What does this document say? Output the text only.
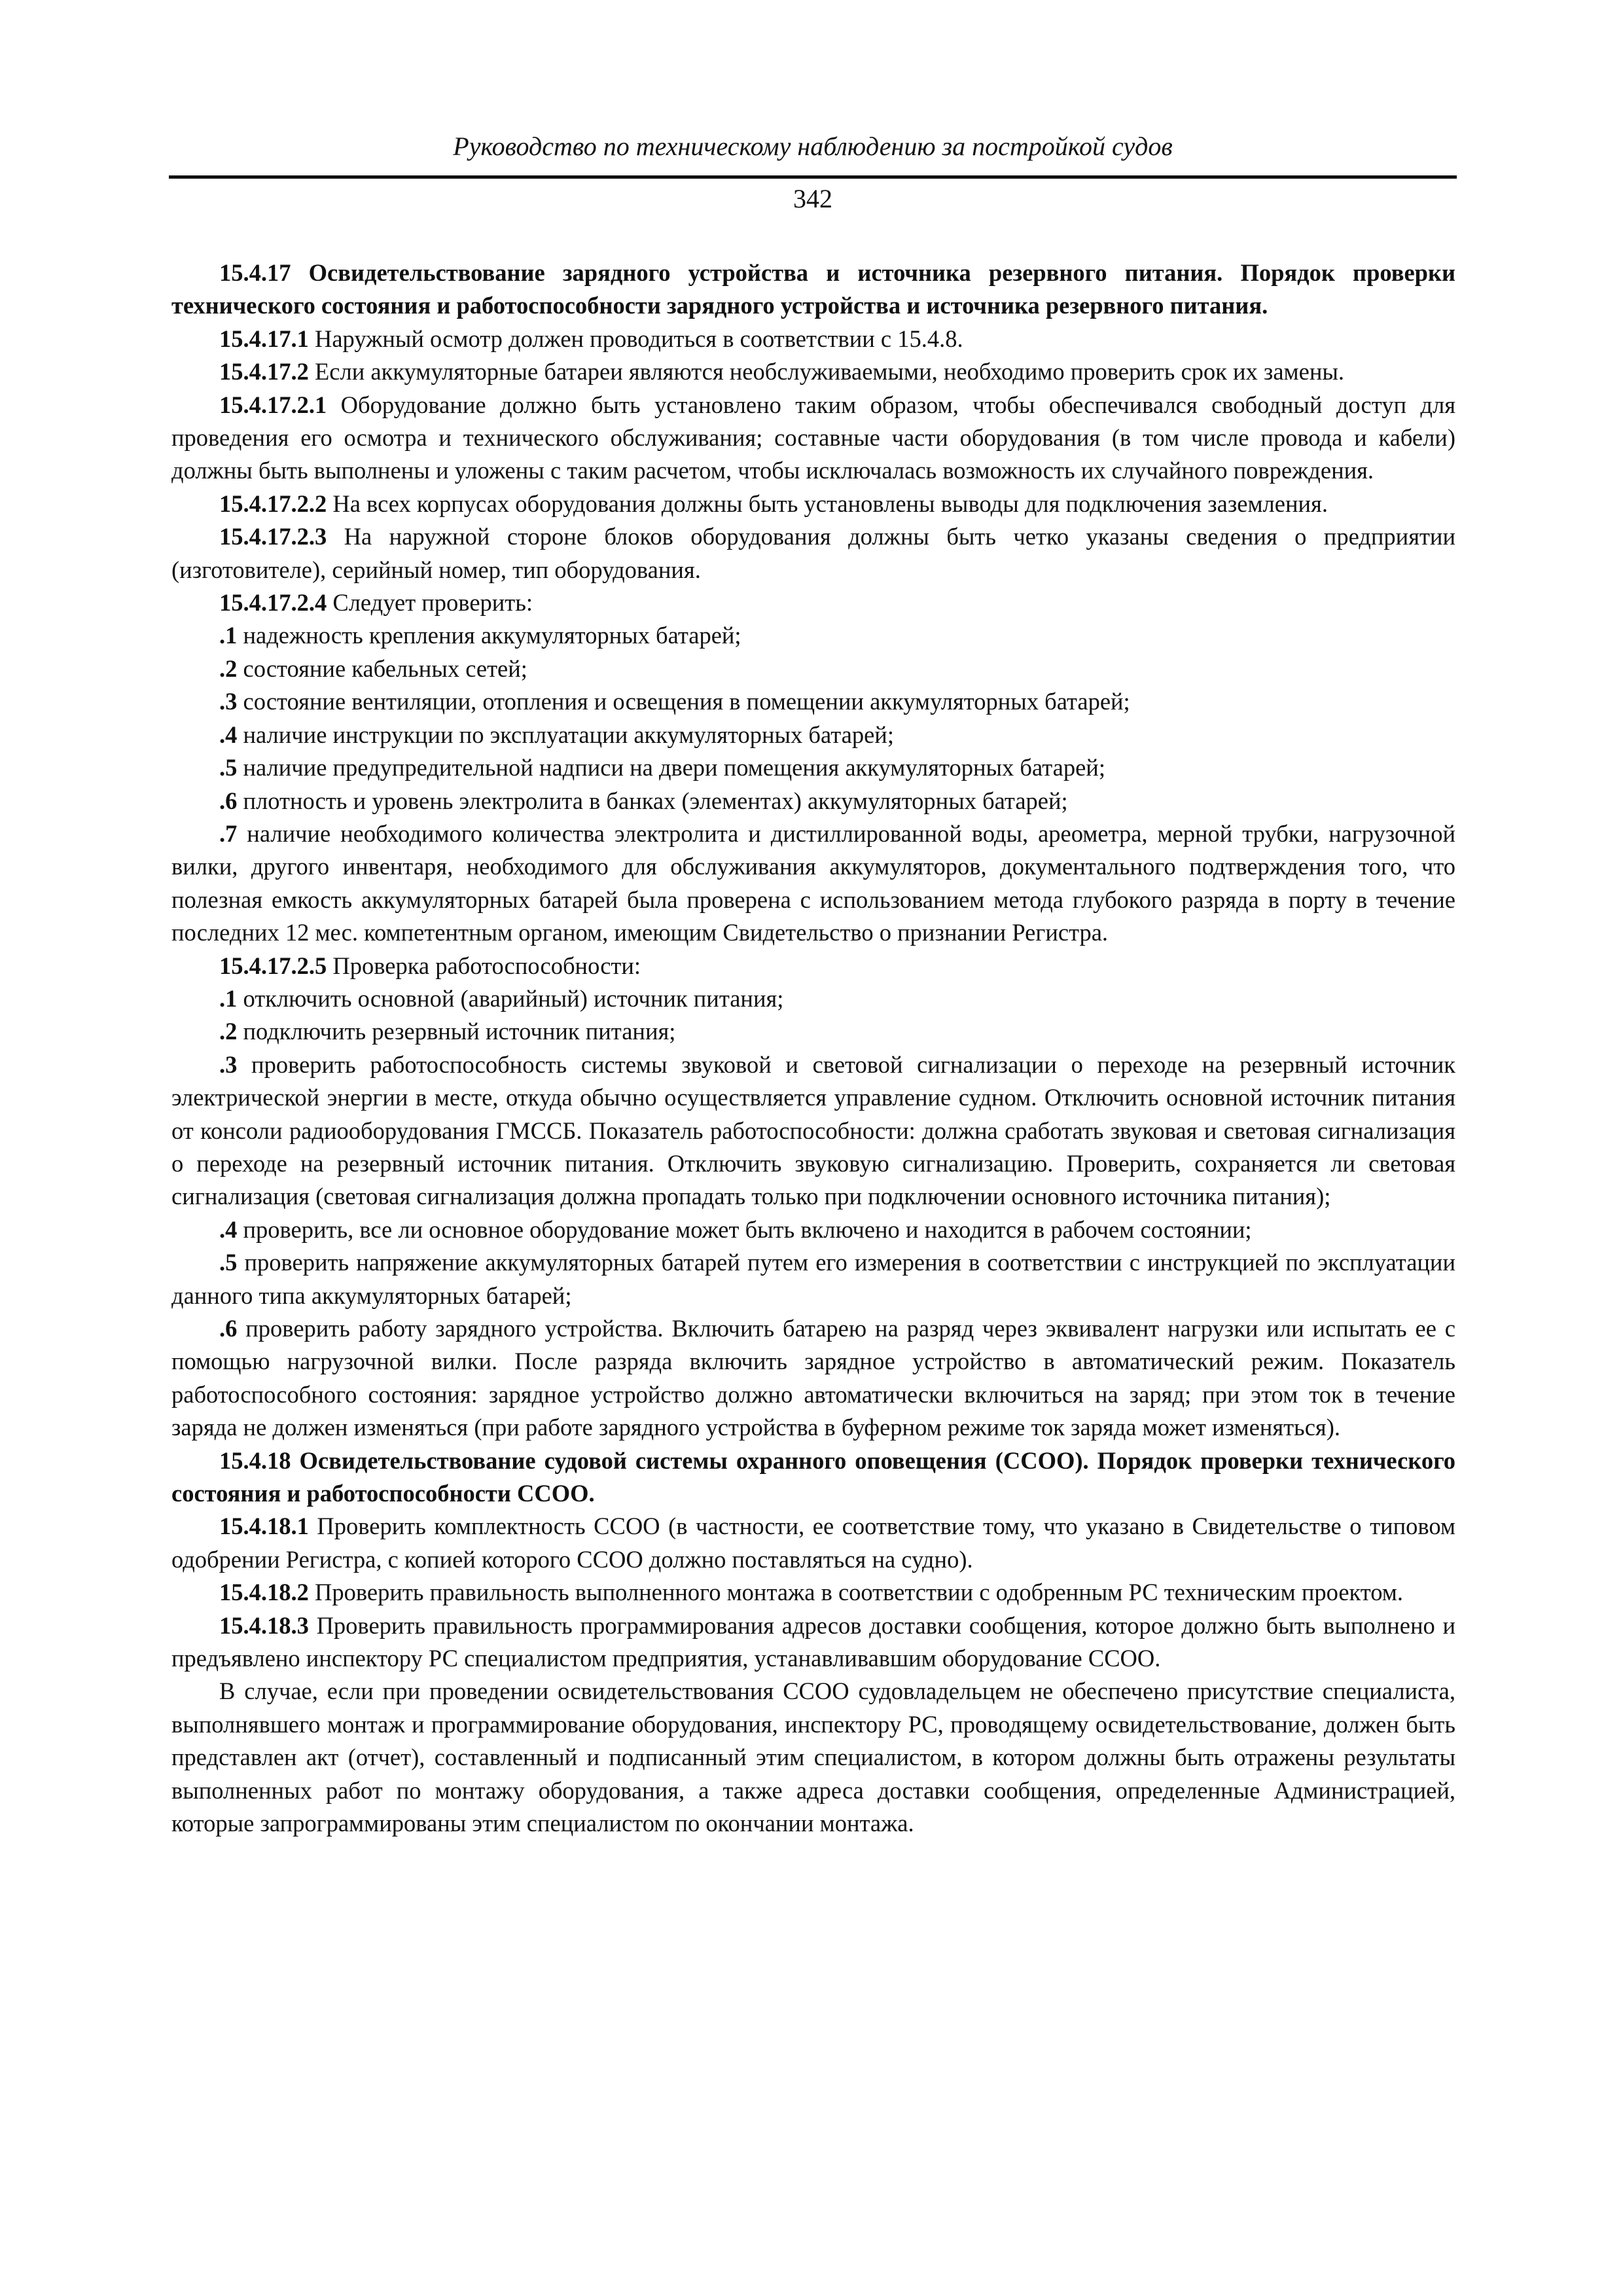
Руководство по техническому наблюдению за постройкой судов
342

15.4.17 Освидетельствование зарядного устройства и источника резервного питания. Порядок проверки технического состояния и работоспособности зарядного устройства и источника резервного питания.

15.4.17.1 Наружный осмотр должен проводиться в соответствии с 15.4.8.

15.4.17.2 Если аккумуляторные батареи являются необслуживаемыми, необходимо проверить срок их замены.

15.4.17.2.1 Оборудование должно быть установлено таким образом, чтобы обеспечивался свободный доступ для проведения его осмотра и технического обслуживания; составные части оборудования (в том числе провода и кабели) должны быть выполнены и уложены с таким расчетом, чтобы исключалась возможность их случайного повреждения.

15.4.17.2.2 На всех корпусах оборудования должны быть установлены выводы для подключения заземления.

15.4.17.2.3 На наружной стороне блоков оборудования должны быть четко указаны сведения о предприятии (изготовителе), серийный номер, тип оборудования.

15.4.17.2.4 Следует проверить:

.1 надежность крепления аккумуляторных батарей;

.2 состояние кабельных сетей;

.3 состояние вентиляции, отопления и освещения в помещении аккумуляторных батарей;

.4 наличие инструкции по эксплуатации аккумуляторных батарей;

.5 наличие предупредительной надписи на двери помещения аккумуляторных батарей;

.6 плотность и уровень электролита в банках (элементах) аккумуляторных батарей;

.7 наличие необходимого количества электролита и дистиллированной воды, ареометра, мерной трубки, нагрузочной вилки, другого инвентаря, необходимого для обслуживания аккумуляторов, документального подтверждения того, что полезная емкость аккумуляторных батарей была проверена с использованием метода глубокого разряда в порту в течение последних 12 мес. компетентным органом, имеющим Свидетельство о признании Регистра.

15.4.17.2.5 Проверка работоспособности:

.1 отключить основной (аварийный) источник питания;

.2 подключить резервный источник питания;

.3 проверить работоспособность системы звуковой и световой сигнализации о переходе на резервный источник электрической энергии в месте, откуда обычно осуществляется управление судном. Отключить основной источник питания от консоли радиооборудования ГМССБ. Показатель работоспособности: должна сработать звуковая и световая сигнализация о переходе на резервный источник питания. Отключить звуковую сигнализацию. Проверить, сохраняется ли световая сигнализация (световая сигнализация должна пропадать только при подключении основного источника питания);

.4 проверить, все ли основное оборудование может быть включено и находится в рабочем состоянии;

.5 проверить напряжение аккумуляторных батарей путем его измерения в соответствии с инструкцией по эксплуатации данного типа аккумуляторных батарей;

.6 проверить работу зарядного устройства. Включить батарею на разряд через эквивалент нагрузки или испытать ее с помощью нагрузочной вилки. После разряда включить зарядное устройство в автоматический режим. Показатель работоспособного состояния: зарядное устройство должно автоматически включиться на заряд; при этом ток в течение заряда не должен изменяться (при работе зарядного устройства в буферном режиме ток заряда может изменяться).

15.4.18 Освидетельствование судовой системы охранного оповещения (ССОО). Порядок проверки технического состояния и работоспособности ССОО.

15.4.18.1 Проверить комплектность ССОО (в частности, ее соответствие тому, что указано в Свидетельстве о типовом одобрении Регистра, с копией которого ССОО должно поставляться на судно).

15.4.18.2 Проверить правильность выполненного монтажа в соответствии с одобренным РС техническим проектом.

15.4.18.3 Проверить правильность программирования адресов доставки сообщения, которое должно быть выполнено и предъявлено инспектору РС специалистом предприятия, устанавливавшим оборудование ССОО.

В случае, если при проведении освидетельствования ССОО судовладельцем не обеспечено присутствие специалиста, выполнявшего монтаж и программирование оборудования, инспектору РС, проводящему освидетельствование, должен быть представлен акт (отчет), составленный и подписанный этим специалистом, в котором должны быть отражены результаты выполненных работ по монтажу оборудования, а также адреса доставки сообщения, определенные Администрацией, которые запрограммированы этим специалистом по окончании монтажа.
